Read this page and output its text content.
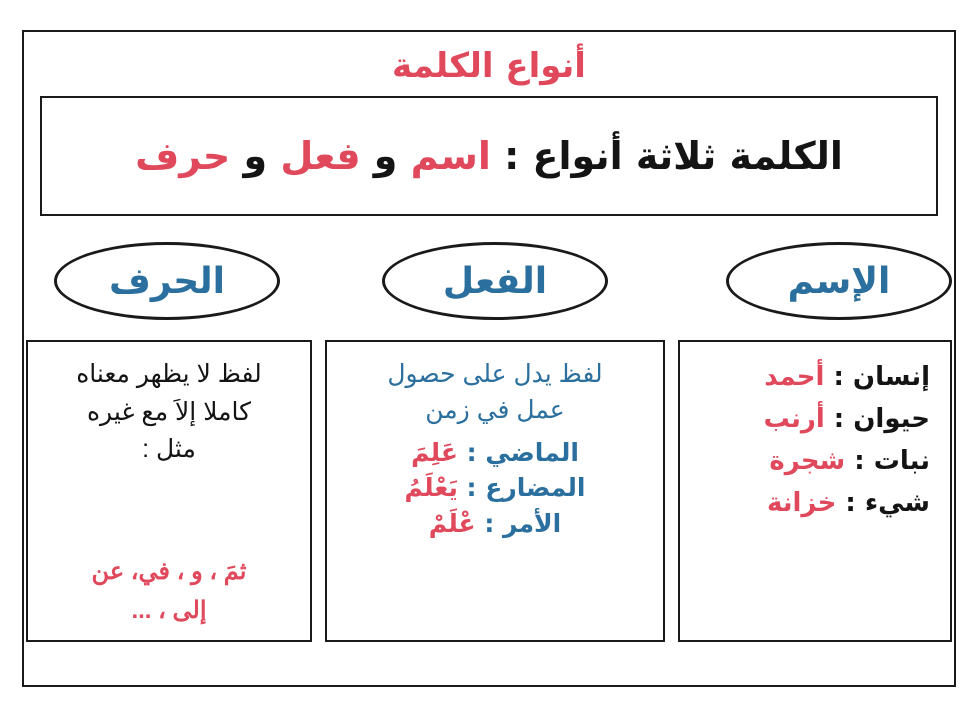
أنواع الكلمة
الكلمة ثلاثة أنواع : اسم و فعل و حرف
الإسم
الفعل
الحرف
إنسان : أحمد
حيوان : أرنب
نبات : شجرة
شيء : خزانة
لفظ يدل على حصول
عمل في زمن
الماضي : عَلِمَ
المضارع : يَعْلَمُ
الأمر : عْلَمْ
لفظ لا يظهر معناه
كاملا إلاَ مع غيره
مثل :
ثمَ ، و ، في، عن
إلى ، ...
